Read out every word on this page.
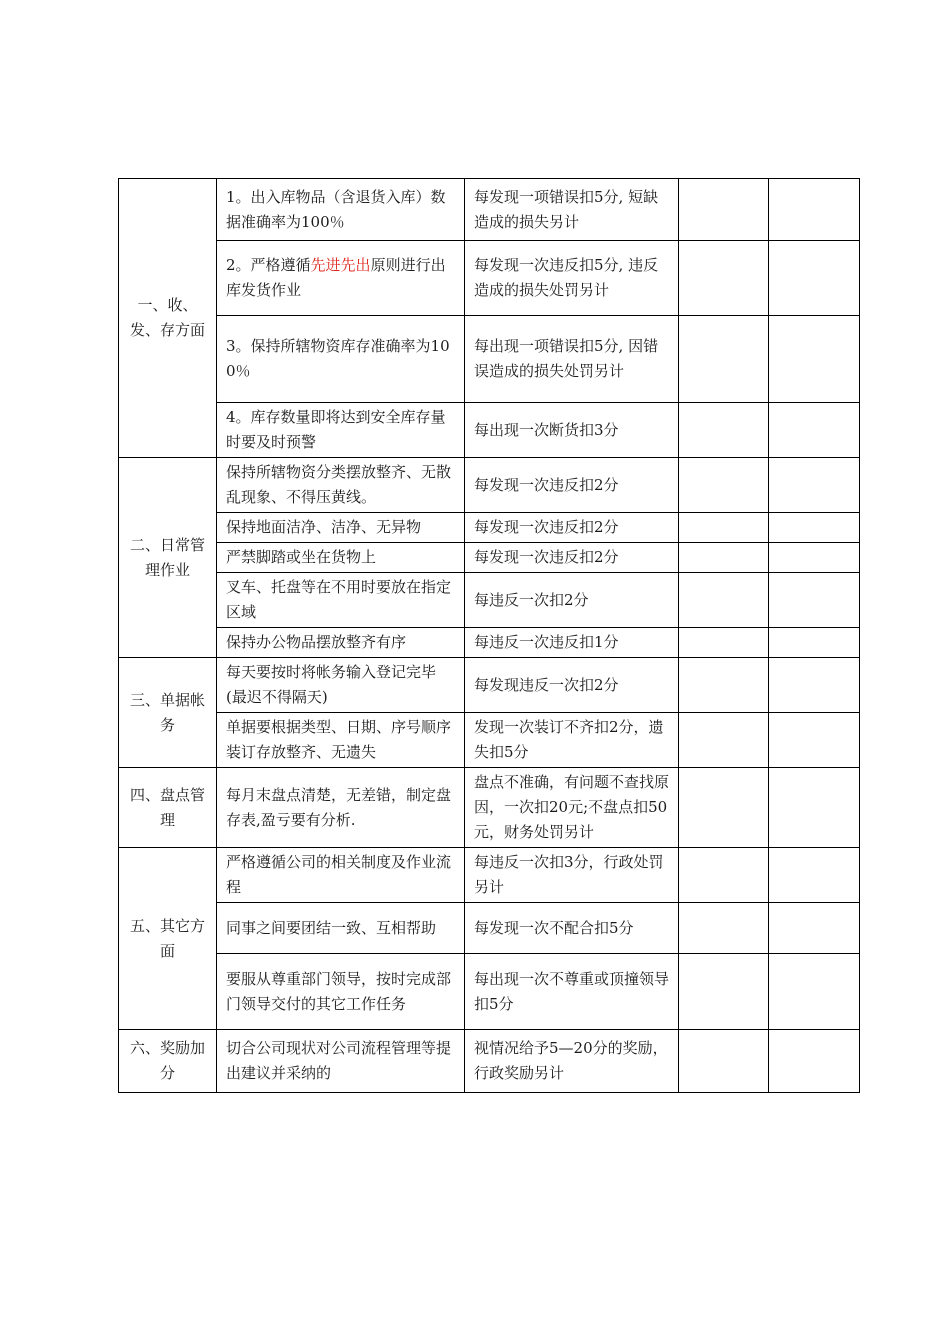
一、收、发、存方面	1。出入库物品（含退货入库）数据准确率为100％	每发现一项错误扣5分, 短缺造成的损失另计		
	2。严格遵循先进先出原则进行出库发货作业	每发现一次违反扣5分, 违反造成的损失处罚另计		
	3。保持所辖物资库存准确率为100％	每出现一项错误扣5分, 因错误造成的损失处罚另计		
	4。库存数量即将达到安全库存量时要及时预警	每出现一次断货扣3分		
二、日常管理作业	保持所辖物资分类摆放整齐、无散乱现象、不得压黄线。	每发现一次违反扣2分		
	保持地面洁净、洁净、无异物	每发现一次违反扣2分		
	严禁脚踏或坐在货物上	每发现一次违反扣2分		
	叉车、托盘等在不用时要放在指定区域	每违反一次扣2分		
	保持办公物品摆放整齐有序	每违反一次违反扣1分		
三、单据帐务	每天要按时将帐务输入登记完毕(最迟不得隔天)	每发现违反一次扣2分		
	单据要根据类型、日期、序号顺序装订存放整齐、无遗失	发现一次装订不齐扣2分，遗失扣5分		
四、盘点管理	每月末盘点清楚，无差错，制定盘存表,盈亏要有分析.	盘点不准确，有问题不查找原因，一次扣20元;不盘点扣50元，财务处罚另计		
五、其它方面	严格遵循公司的相关制度及作业流程	每违反一次扣3分，行政处罚另计		
	同事之间要团结一致、互相帮助	每发现一次不配合扣5分		
	要服从尊重部门领导，按时完成部门领导交付的其它工作任务	每出现一次不尊重或顶撞领导扣5分		
六、奖励加分	切合公司现状对公司流程管理等提出建议并采纳的	视情况给予5—20分的奖励，行政奖励另计		
